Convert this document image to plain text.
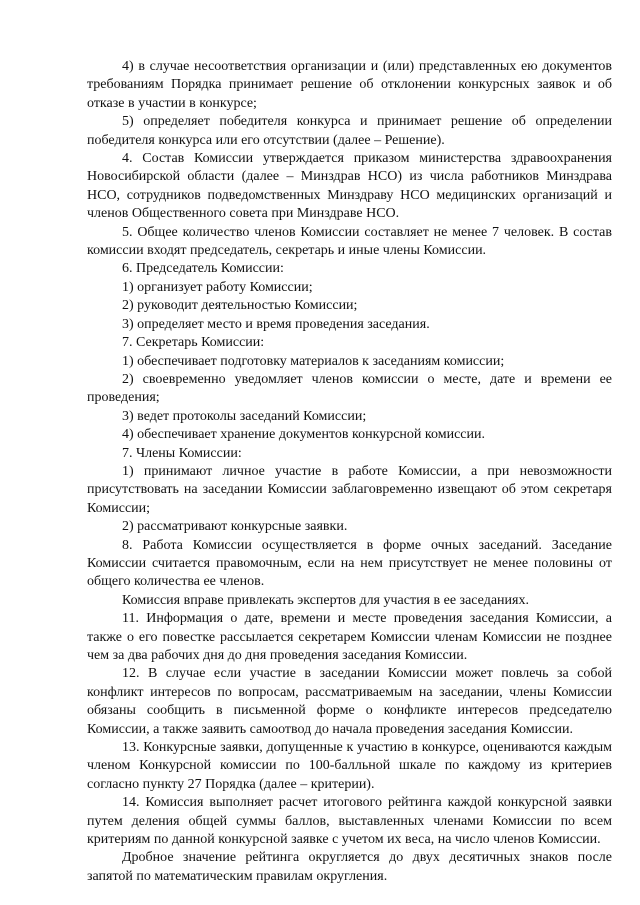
4) в случае несоответствия организации и (или) представленных ею документов требованиям Порядка принимает решение об отклонении конкурсных заявок и об отказе в участии в конкурсе;

5) определяет победителя конкурса и принимает решение об определении победителя конкурса или его отсутствии (далее – Решение).

4. Состав Комиссии утверждается приказом министерства здравоохранения Новосибирской области (далее – Минздрав НСО) из числа работников Минздрава НСО, сотрудников подведомственных Минздраву НСО медицинских организаций и членов Общественного совета при Минздраве НСО.

5. Общее количество членов Комиссии составляет не менее 7 человек. В состав комиссии входят председатель, секретарь и иные члены Комиссии.

6. Председатель Комиссии:

1) организует работу Комиссии;

2) руководит деятельностью Комиссии;

3) определяет место и время проведения заседания.

7. Секретарь Комиссии:

1) обеспечивает подготовку материалов к заседаниям комиссии;

2) своевременно уведомляет членов комиссии о месте, дате и времени ее проведения;

3) ведет протоколы заседаний Комиссии;

4) обеспечивает хранение документов конкурсной комиссии.

7. Члены Комиссии:

1) принимают личное участие в работе Комиссии, а при невозможности присутствовать на заседании Комиссии заблаговременно извещают об этом секретаря Комиссии;

2) рассматривают конкурсные заявки.

8. Работа Комиссии осуществляется в форме очных заседаний. Заседание Комиссии считается правомочным, если на нем присутствует не менее половины от общего количества ее членов.

Комиссия вправе привлекать экспертов для участия в ее заседаниях.

11. Информация о дате, времени и месте проведения заседания Комиссии, а также о его повестке рассылается секретарем Комиссии членам Комиссии не позднее чем за два рабочих дня до дня проведения заседания Комиссии.

12. В случае если участие в заседании Комиссии может повлечь за собой конфликт интересов по вопросам, рассматриваемым на заседании, члены Комиссии обязаны сообщить в письменной форме о конфликте интересов председателю Комиссии, а также заявить самоотвод до начала проведения заседания Комиссии.

13. Конкурсные заявки, допущенные к участию в конкурсе, оцениваются каждым членом Конкурсной комиссии по 100-балльной шкале по каждому из критериев согласно пункту 27 Порядка (далее – критерии).

14. Комиссия выполняет расчет итогового рейтинга каждой конкурсной заявки путем деления общей суммы баллов, выставленных членами Комиссии по всем критериям по данной конкурсной заявке с учетом их веса, на число членов Комиссии.

Дробное значение рейтинга округляется до двух десятичных знаков после запятой по математическим правилам округления.
